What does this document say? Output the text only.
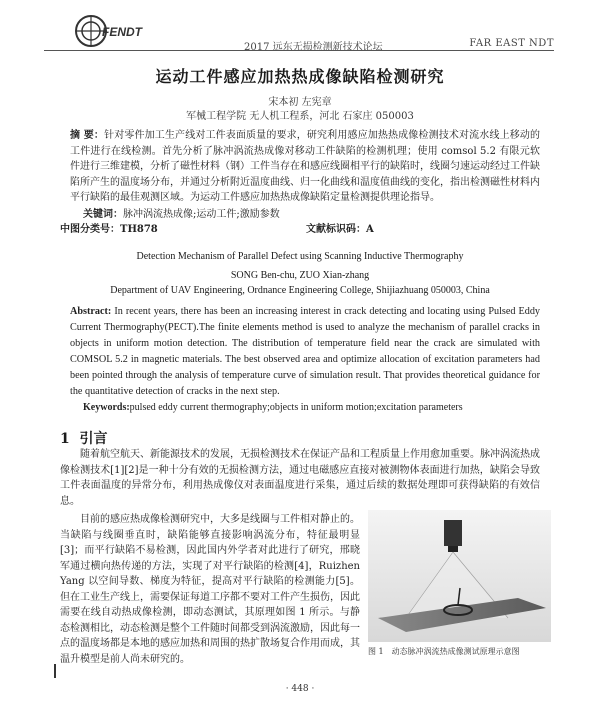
FENDT
2017 远东无损检测新技术论坛	FAR EAST NDT
运动工件感应加热热成像缺陷检测研究
宋本初 左宪章
军械工程学院 无人机工程系，河北 石家庄 050003
摘 要：针对零件加工生产线对工件表面质量的要求，研究利用感应加热热成像检测技术对流水线上移动的工件进行在线检测。首先分析了脉冲涡流热成像对移动工件缺陷的检测机理；使用 comsol 5.2 有限元软件进行三维建模，分析了磁性材料（钢）工件当存在和感应线圈相平行的缺陷时，线圈匀速运动经过工件缺陷所产生的温度场分布，并通过分析附近温度曲线、归一化曲线和温度值曲线的变化，指出检测磁性材料内平行缺陷的最佳观测区域。为运动工件感应加热热成像缺陷定量检测提供理论指导。
关键词：脉冲涡流热成像;运动工件;激励参数
中图分类号：TH878	文献标识码：A
Detection Mechanism of Parallel Defect using Scanning Inductive Thermography
SONG Ben-chu, ZUO Xian-zhang
Department of UAV Engineering, Ordnance Engineering College, Shijiazhuang 050003, China
Abstract: In recent years, there has been an increasing interest in crack detecting and locating using Pulsed Eddy Current Thermography(PECT).The finite elements method is used to analyze the mechanism of parallel cracks in objects in uniform motion detection. The distribution of temperature field near the crack are simulated with COMSOL 5.2 in magnetic materials. The best observed area and optimize allocation of excitation parameters had been pointed through the analysis of temperature curve of simulation result. That provides theoretical guidance for the quantitative detection of cracks in the next step.
Keywords:pulsed eddy current thermography;objects in uniform motion;excitation parameters
1 引言
随着航空航天、新能源技术的发展，无损检测技术在保证产品和工程质量上作用愈加重要。脉冲涡流热成像检测技术[1][2]是一种十分有效的无损检测方法，通过电磁感应直接对被测物体表面进行加热，缺陷会导致工件表面温度的异常分布，利用热成像仪对表面温度进行采集，通过后续的数据处理即可获得缺陷的有效信息。
目前的感应热成像检测研究中，大多是线圈与工件相对静止的。当缺陷与线圈垂直时，缺陷能够直接影响涡流分布，特征最明显[3]；而平行缺陷不易检测，因此国内外学者对此进行了研究，邢晓军通过横向热传递的方法，实现了对平行缺陷的检测[4]，Ruizhen Yang 以空间导数、梯度为特征，提高对平行缺陷的检测能力[5]。但在工业生产线上，需要保证每道工序都不要对工件产生损伤，因此需要在线自动热成像检测，即动态测试，其原理如图 1 所示。与静态检测相比，动态检测是整个工件随时间都受到涡流激励，因此每一点的温度场都是本地的感应加热和周围的热扩散场复合作用而成，其温升模型是前人尚未研究的。
图 1　动态脉冲涡流热成像测试原理示意图
· 448 ·
